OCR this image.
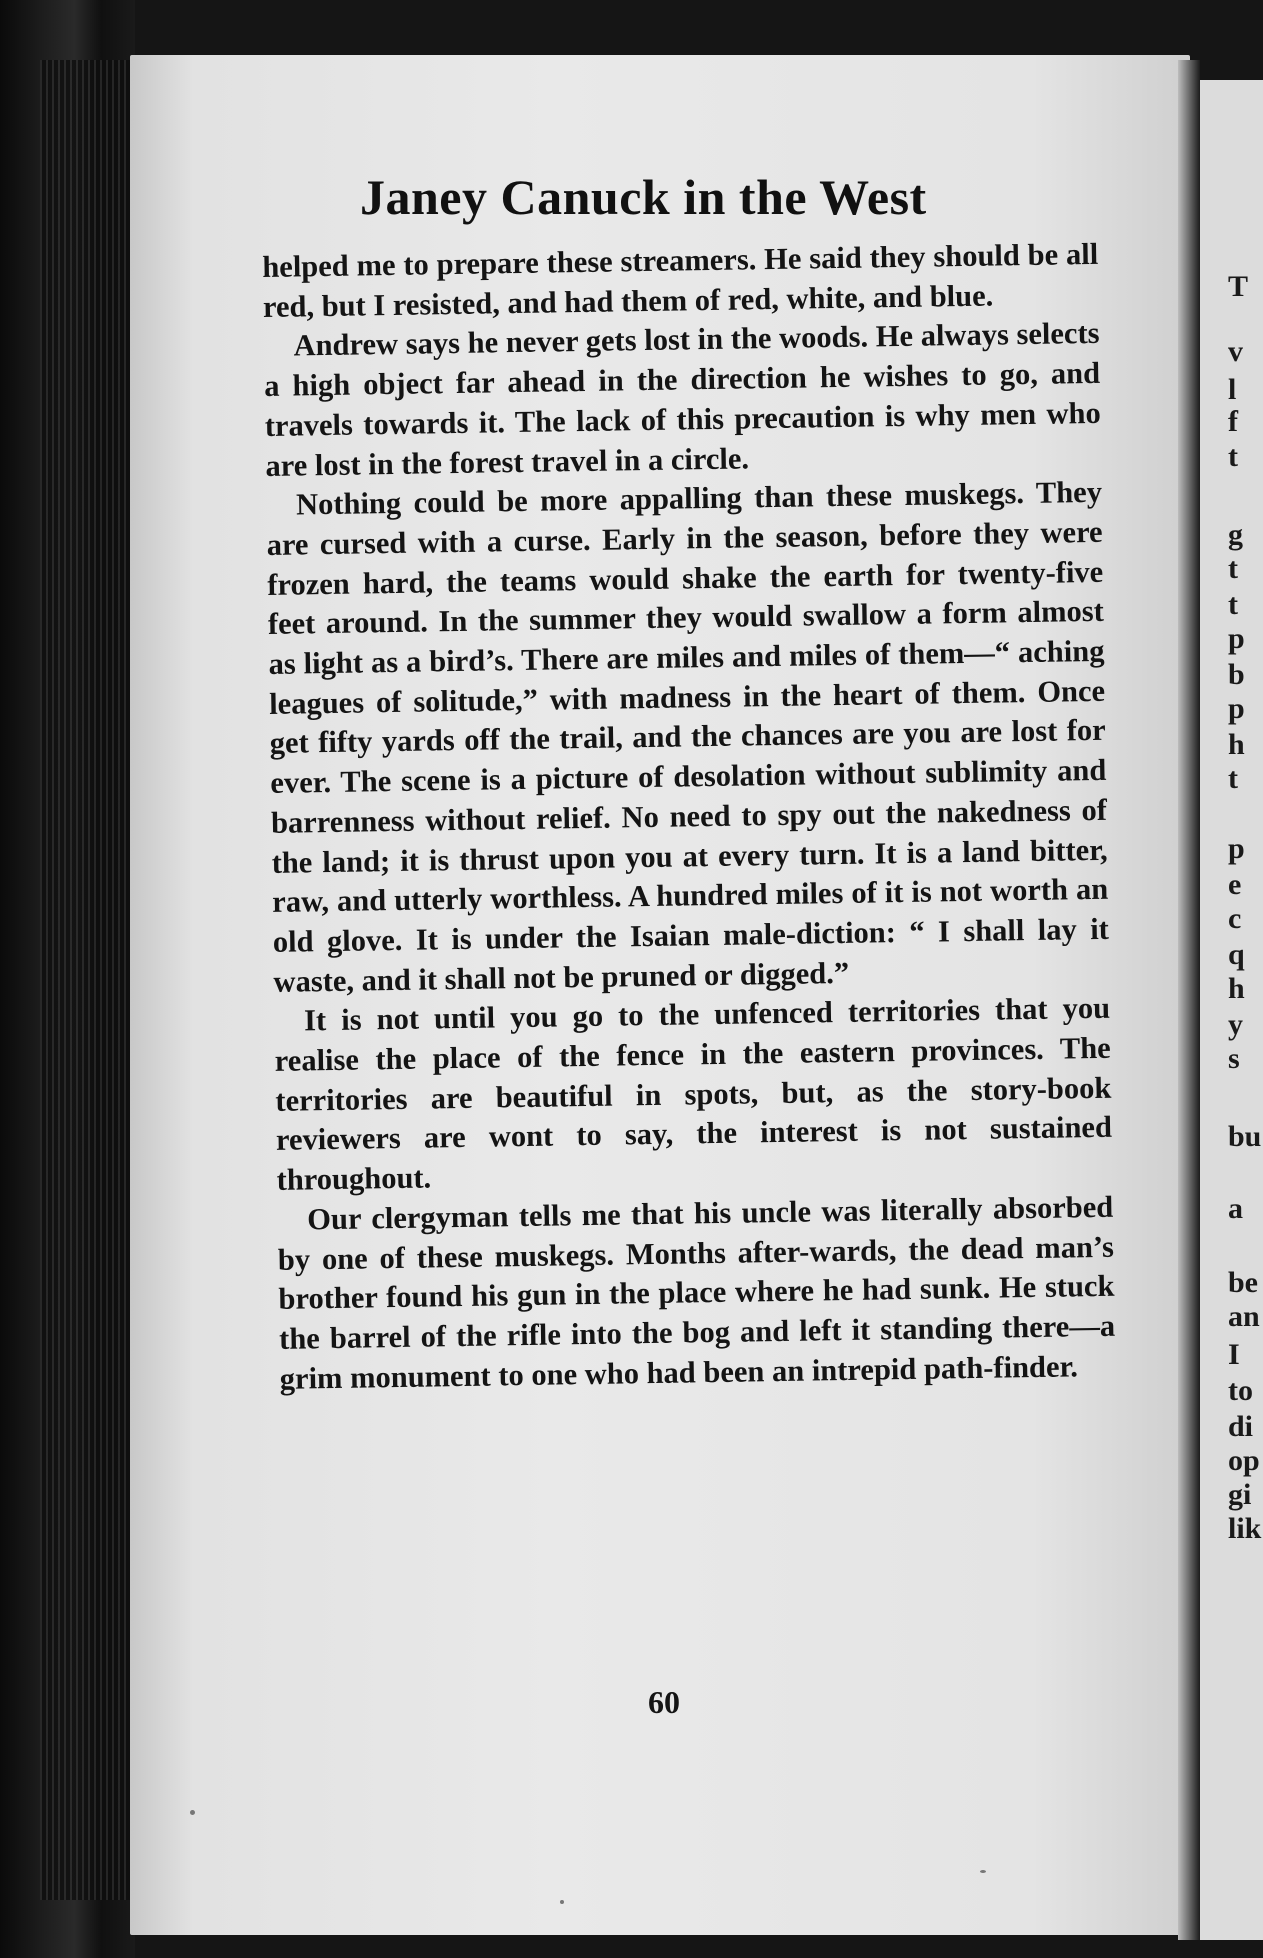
Janey Canuck in the West

helped me to prepare these streamers. He said they should be all red, but I resisted, and had them of red, white, and blue.

Andrew says he never gets lost in the woods. He always selects a high object far ahead in the direction he wishes to go, and travels towards it. The lack of this precaution is why men who are lost in the forest travel in a circle.

Nothing could be more appalling than these muskegs. They are cursed with a curse. Early in the season, before they were frozen hard, the teams would shake the earth for twenty-five feet around. In the summer they would swallow a form almost as light as a bird’s. There are miles and miles of them—“ aching leagues of solitude,” with madness in the heart of them. Once get fifty yards off the trail, and the chances are you are lost for ever. The scene is a picture of desolation without sublimity and barrenness without relief. No need to spy out the nakedness of the land; it is thrust upon you at every turn. It is a land bitter, raw, and utterly worthless. A hundred miles of it is not worth an old glove. It is under the Isaian male-diction: “ I shall lay it waste, and it shall not be pruned or digged.”

It is not until you go to the unfenced territories that you realise the place of the fence in the eastern provinces. The territories are beautiful in spots, but, as the story-book reviewers are wont to say, the interest is not sustained throughout.

Our clergyman tells me that his uncle was literally absorbed by one of these muskegs. Months after-wards, the dead man’s brother found his gun in the place where he had sunk. He stuck the barrel of the rifle into the bog and left it standing there—a grim monument to one who had been an intrepid path-finder.

60
T
v
l
f
t
g
t
t
p
b
p
h
t
p
e
c
q
h
y
s
bu
a
be
an
I
to
di
op
gi
lik
